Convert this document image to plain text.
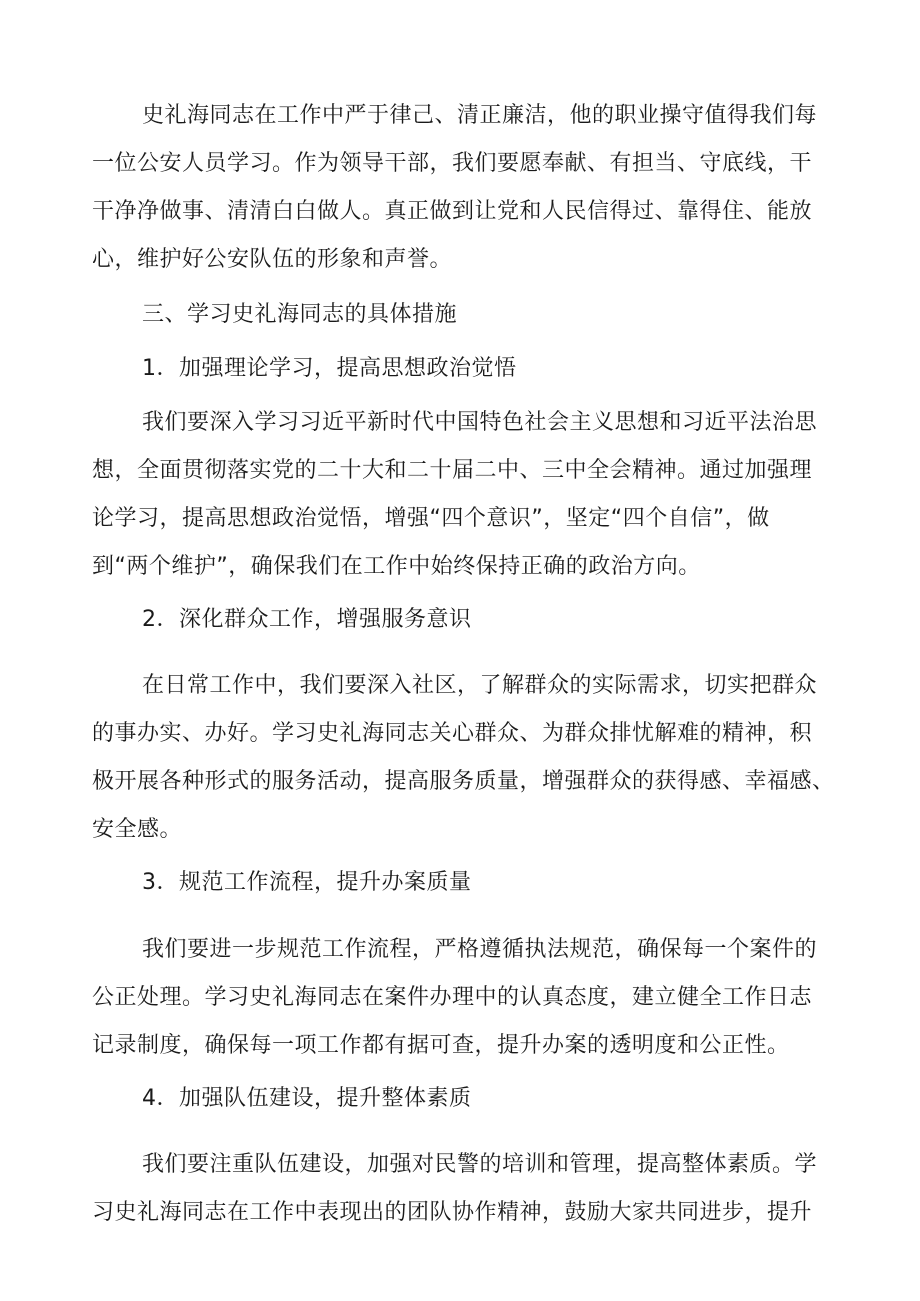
史礼海同志在工作中严于律己、清正廉洁，他的职业操守值得我们每
一位公安人员学习。作为领导干部，我们要愿奉献、有担当、守底线，干
干净净做事、清清白白做人。真正做到让党和人民信得过、靠得住、能放
心，维护好公安队伍的形象和声誉。
三、学习史礼海同志的具体措施
1．加强理论学习，提高思想政治觉悟
我们要深入学习习近平新时代中国特色社会主义思想和习近平法治思
想，全面贯彻落实党的二十大和二十届二中、三中全会精神。通过加强理
论学习，提高思想政治觉悟，增强“四个意识”，坚定“四个自信”，做
到“两个维护”，确保我们在工作中始终保持正确的政治方向。
2．深化群众工作，增强服务意识
在日常工作中，我们要深入社区，了解群众的实际需求，切实把群众
的事办实、办好。学习史礼海同志关心群众、为群众排忧解难的精神，积
极开展各种形式的服务活动，提高服务质量，增强群众的获得感、幸福感、
安全感。
3．规范工作流程，提升办案质量
我们要进一步规范工作流程，严格遵循执法规范，确保每一个案件的
公正处理。学习史礼海同志在案件办理中的认真态度，建立健全工作日志
记录制度，确保每一项工作都有据可查，提升办案的透明度和公正性。
4．加强队伍建设，提升整体素质
我们要注重队伍建设，加强对民警的培训和管理，提高整体素质。学
习史礼海同志在工作中表现出的团队协作精神，鼓励大家共同进步，提升
